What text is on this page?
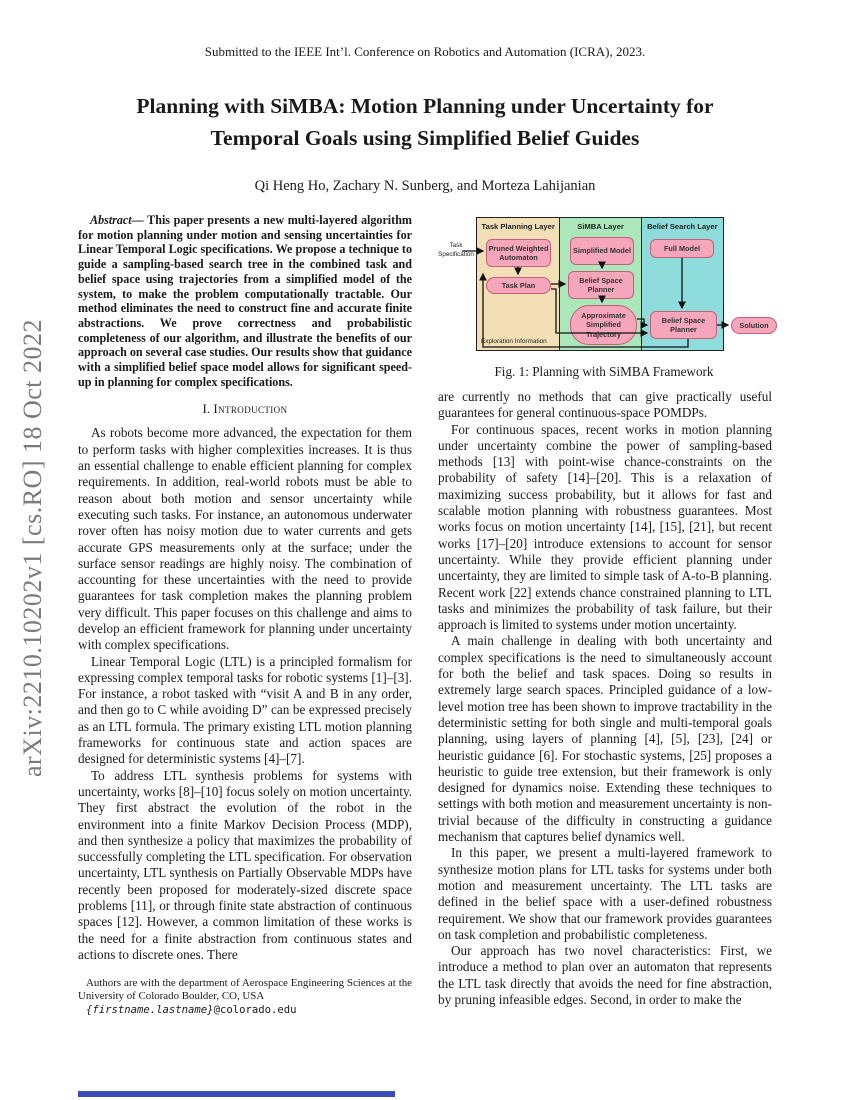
arXiv:2210.10202v1 [cs.RO] 18 Oct 2022
Submitted to the IEEE Int’l. Conference on Robotics and Automation (ICRA), 2023.
Planning with SiMBA: Motion Planning under Uncertainty for Temporal Goals using Simplified Belief Guides
Qi Heng Ho, Zachary N. Sunberg, and Morteza Lahijanian

Abstract— This paper presents a new multi-layered algorithm for motion planning under motion and sensing uncertainties for Linear Temporal Logic specifications. We propose a technique to guide a sampling-based search tree in the combined task and belief space using trajectories from a simplified model of the system, to make the problem computationally tractable. Our method eliminates the need to construct fine and accurate finite abstractions. We prove correctness and probabilistic completeness of our algorithm, and illustrate the benefits of our approach on several case studies. Our results show that guidance with a simplified belief space model allows for significant speed-up in planning for complex specifications.

I. Introduction

As robots become more advanced, the expectation for them to perform tasks with higher complexities increases. It is thus an essential challenge to enable efficient planning for complex requirements. In addition, real-world robots must be able to reason about both motion and sensor uncertainty while executing such tasks. For instance, an autonomous underwater rover often has noisy motion due to water currents and gets accurate GPS measurements only at the surface; under the surface sensor readings are highly noisy. The combination of accounting for these uncertainties with the need to provide guarantees for task completion makes the planning problem very difficult. This paper focuses on this challenge and aims to develop an efficient framework for planning under uncertainty with complex specifications.

Linear Temporal Logic (LTL) is a principled formalism for expressing complex temporal tasks for robotic systems [1]–[3]. For instance, a robot tasked with “visit A and B in any order, and then go to C while avoiding D” can be expressed precisely as an LTL formula. The primary existing LTL motion planning frameworks for continuous state and action spaces are designed for deterministic systems [4]–[7].

To address LTL synthesis problems for systems with uncertainty, works [8]–[10] focus solely on motion uncertainty. They first abstract the evolution of the robot in the environment into a finite Markov Decision Process (MDP), and then synthesize a policy that maximizes the probability of successfully completing the LTL specification. For observation uncertainty, LTL synthesis on Partially Observable MDPs have recently been proposed for moderately-sized discrete space problems [11], or through finite state abstraction of continuous spaces [12]. However, a common limitation of these works is the need for a finite abstraction from continuous states and actions to discrete ones. There

Authors are with the department of Aerospace Engineering Sciences at the University of Colorado Boulder, CO, USA
{firstname.lastname}@colorado.edu
Task Planning Layer	SiMBA Layer	Belief Search Layer
Task Specification
Exploration Information
Pruned Weighted Automaton
Task Plan
Simplified Model
Belief Space Planner
Approximate Simplified Trajectory
Full Model
Belief Space Planner	Solution
Fig. 1: Planning with SiMBA Framework

are currently no methods that can give practically useful guarantees for general continuous-space POMDPs.

For continuous spaces, recent works in motion planning under uncertainty combine the power of sampling-based methods [13] with point-wise chance-constraints on the probability of safety [14]–[20]. This is a relaxation of maximizing success probability, but it allows for fast and scalable motion planning with robustness guarantees. Most works focus on motion uncertainty [14], [15], [21], but recent works [17]–[20] introduce extensions to account for sensor uncertainty. While they provide efficient planning under uncertainty, they are limited to simple task of A-to-B planning. Recent work [22] extends chance constrained planning to LTL tasks and minimizes the probability of task failure, but their approach is limited to systems under motion uncertainty.

A main challenge in dealing with both uncertainty and complex specifications is the need to simultaneously account for both the belief and task spaces. Doing so results in extremely large search spaces. Principled guidance of a low-level motion tree has been shown to improve tractability in the deterministic setting for both single and multi-temporal goals planning, using layers of planning [4], [5], [23], [24] or heuristic guidance [6]. For stochastic systems, [25] proposes a heuristic to guide tree extension, but their framework is only designed for dynamics noise. Extending these techniques to settings with both motion and measurement uncertainty is non-trivial because of the difficulty in constructing a guidance mechanism that captures belief dynamics well.

In this paper, we present a multi-layered framework to synthesize motion plans for LTL tasks for systems under both motion and measurement uncertainty. The LTL tasks are defined in the belief space with a user-defined robustness requirement. We show that our framework provides guarantees on task completion and probabilistic completeness.

Our approach has two novel characteristics: First, we introduce a method to plan over an automaton that represents the LTL task directly that avoids the need for fine abstraction, by pruning infeasible edges. Second, in order to make the
